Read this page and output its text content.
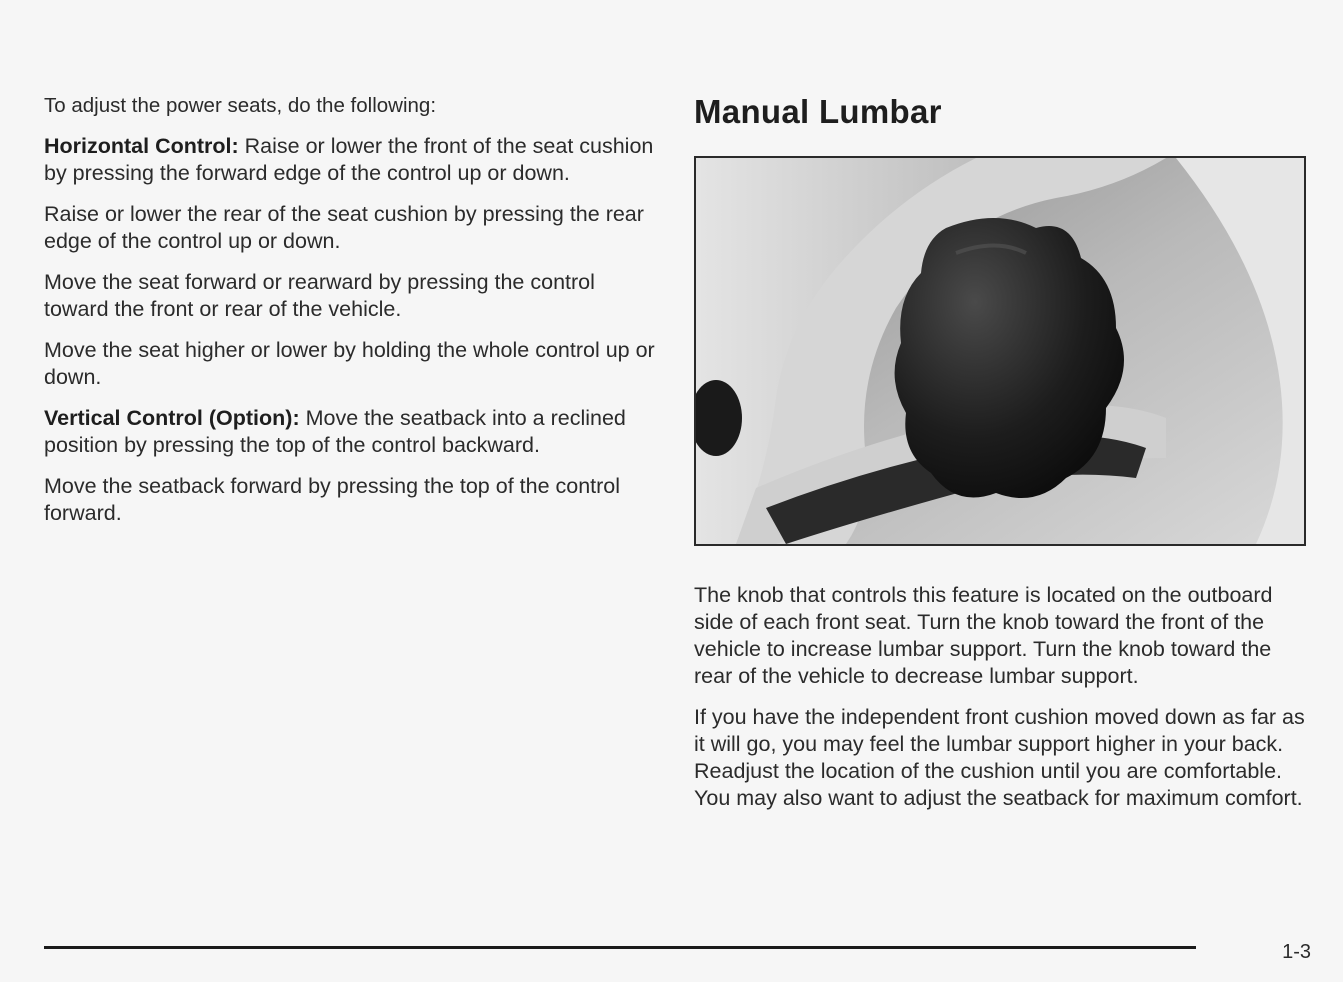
To adjust the power seats, do the following:

Horizontal Control: Raise or lower the front of the seat cushion by pressing the forward edge of the control up or down.

Raise or lower the rear of the seat cushion by pressing the rear edge of the control up or down.

Move the seat forward or rearward by pressing the control toward the front or rear of the vehicle.

Move the seat higher or lower by holding the whole control up or down.

Vertical Control (Option): Move the seatback into a reclined position by pressing the top of the control backward.

Move the seatback forward by pressing the top of the control forward.

Manual Lumbar

The knob that controls this feature is located on the outboard side of each front seat. Turn the knob toward the front of the vehicle to increase lumbar support. Turn the knob toward the rear of the vehicle to decrease lumbar support.

If you have the independent front cushion moved down as far as it will go, you may feel the lumbar support higher in your back. Readjust the location of the cushion until you are comfortable. You may also want to adjust the seatback for maximum comfort.

1-3
